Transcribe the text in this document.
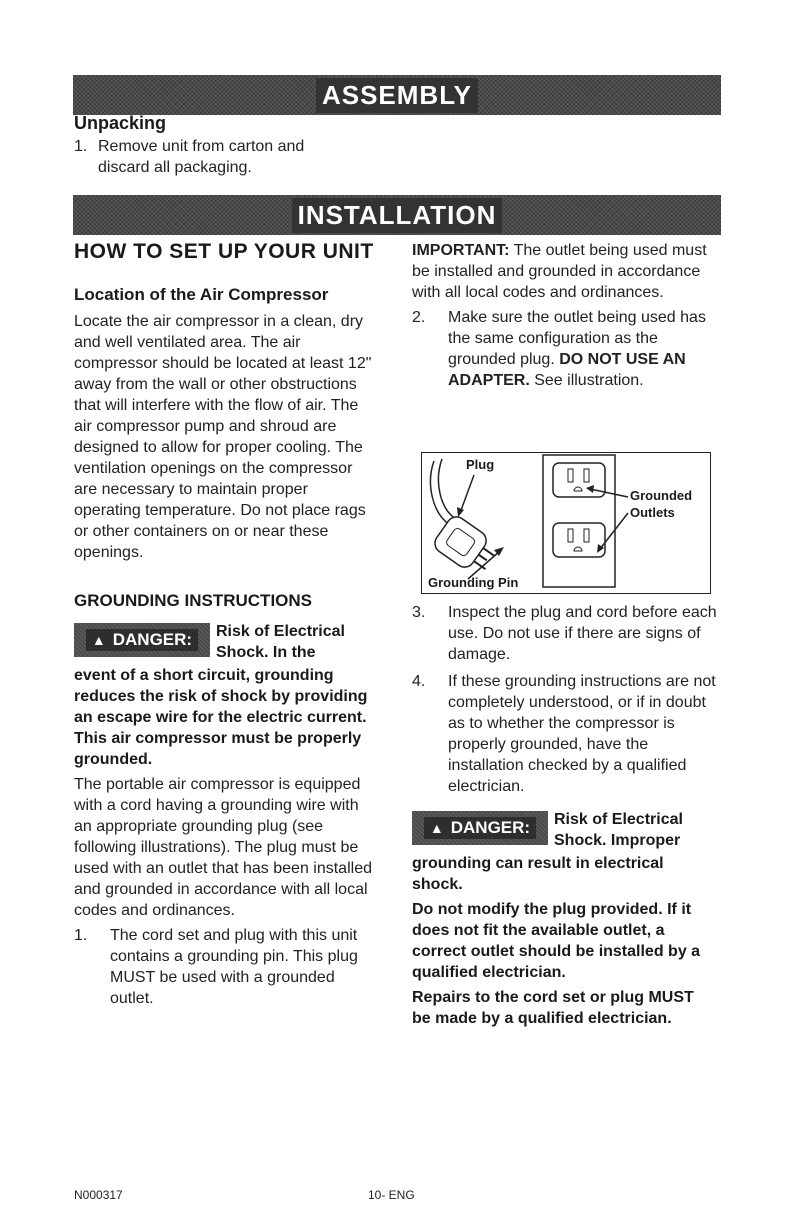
ASSEMBLY
Unpacking
1. Remove unit from carton and discard all packaging.
INSTALLATION
HOW TO SET UP YOUR UNIT
Location of the Air Compressor

Locate the air compressor in a clean, dry and well ventilated area. The air compressor should be located at least 12" away from the wall or other obstructions that will interfere with the flow of air. The air compressor pump and shroud are designed to allow for proper cooling. The ventilation openings on the compressor are necessary to maintain proper operating temperature. Do not place rags or other containers on or near these openings.

GROUNDING INSTRUCTIONS
▲ DANGER:	Risk of Electrical Shock. In the
event of a short circuit, grounding reduces the risk of shock by providing an escape wire for the electric current. This air compressor must be properly grounded.

The portable air compressor is equipped with a cord having a grounding wire with an appropriate grounding plug (see following illustrations). The plug must be used with an outlet that has been installed and grounded in accordance with all local codes and ordinances.

1. The cord set and plug with this unit contains a grounding pin. This plug MUST be used with a grounded outlet.

IMPORTANT: The outlet being used must be installed and grounded in accordance with all local codes and ordinances.

2. Make sure the outlet being used has the same configuration as the grounded plug. DO NOT USE AN ADAPTER. See illustration.
Plug
Grounded
Outlets
Grounding Pin
3. Inspect the plug and cord before each use. Do not use if there are signs of damage.
4. If these grounding instructions are not completely understood, or if in doubt as to whether the compressor is properly grounded, have the installation checked by a qualified electrician.
▲ DANGER:	Risk of Electrical Shock. Improper
grounding can result in electrical shock.
Do not modify the plug provided. If it does not fit the available outlet, a correct outlet should be installed by a qualified electrician.
Repairs to the cord set or plug MUST be made by a qualified electrician.
N000317	10- ENG
